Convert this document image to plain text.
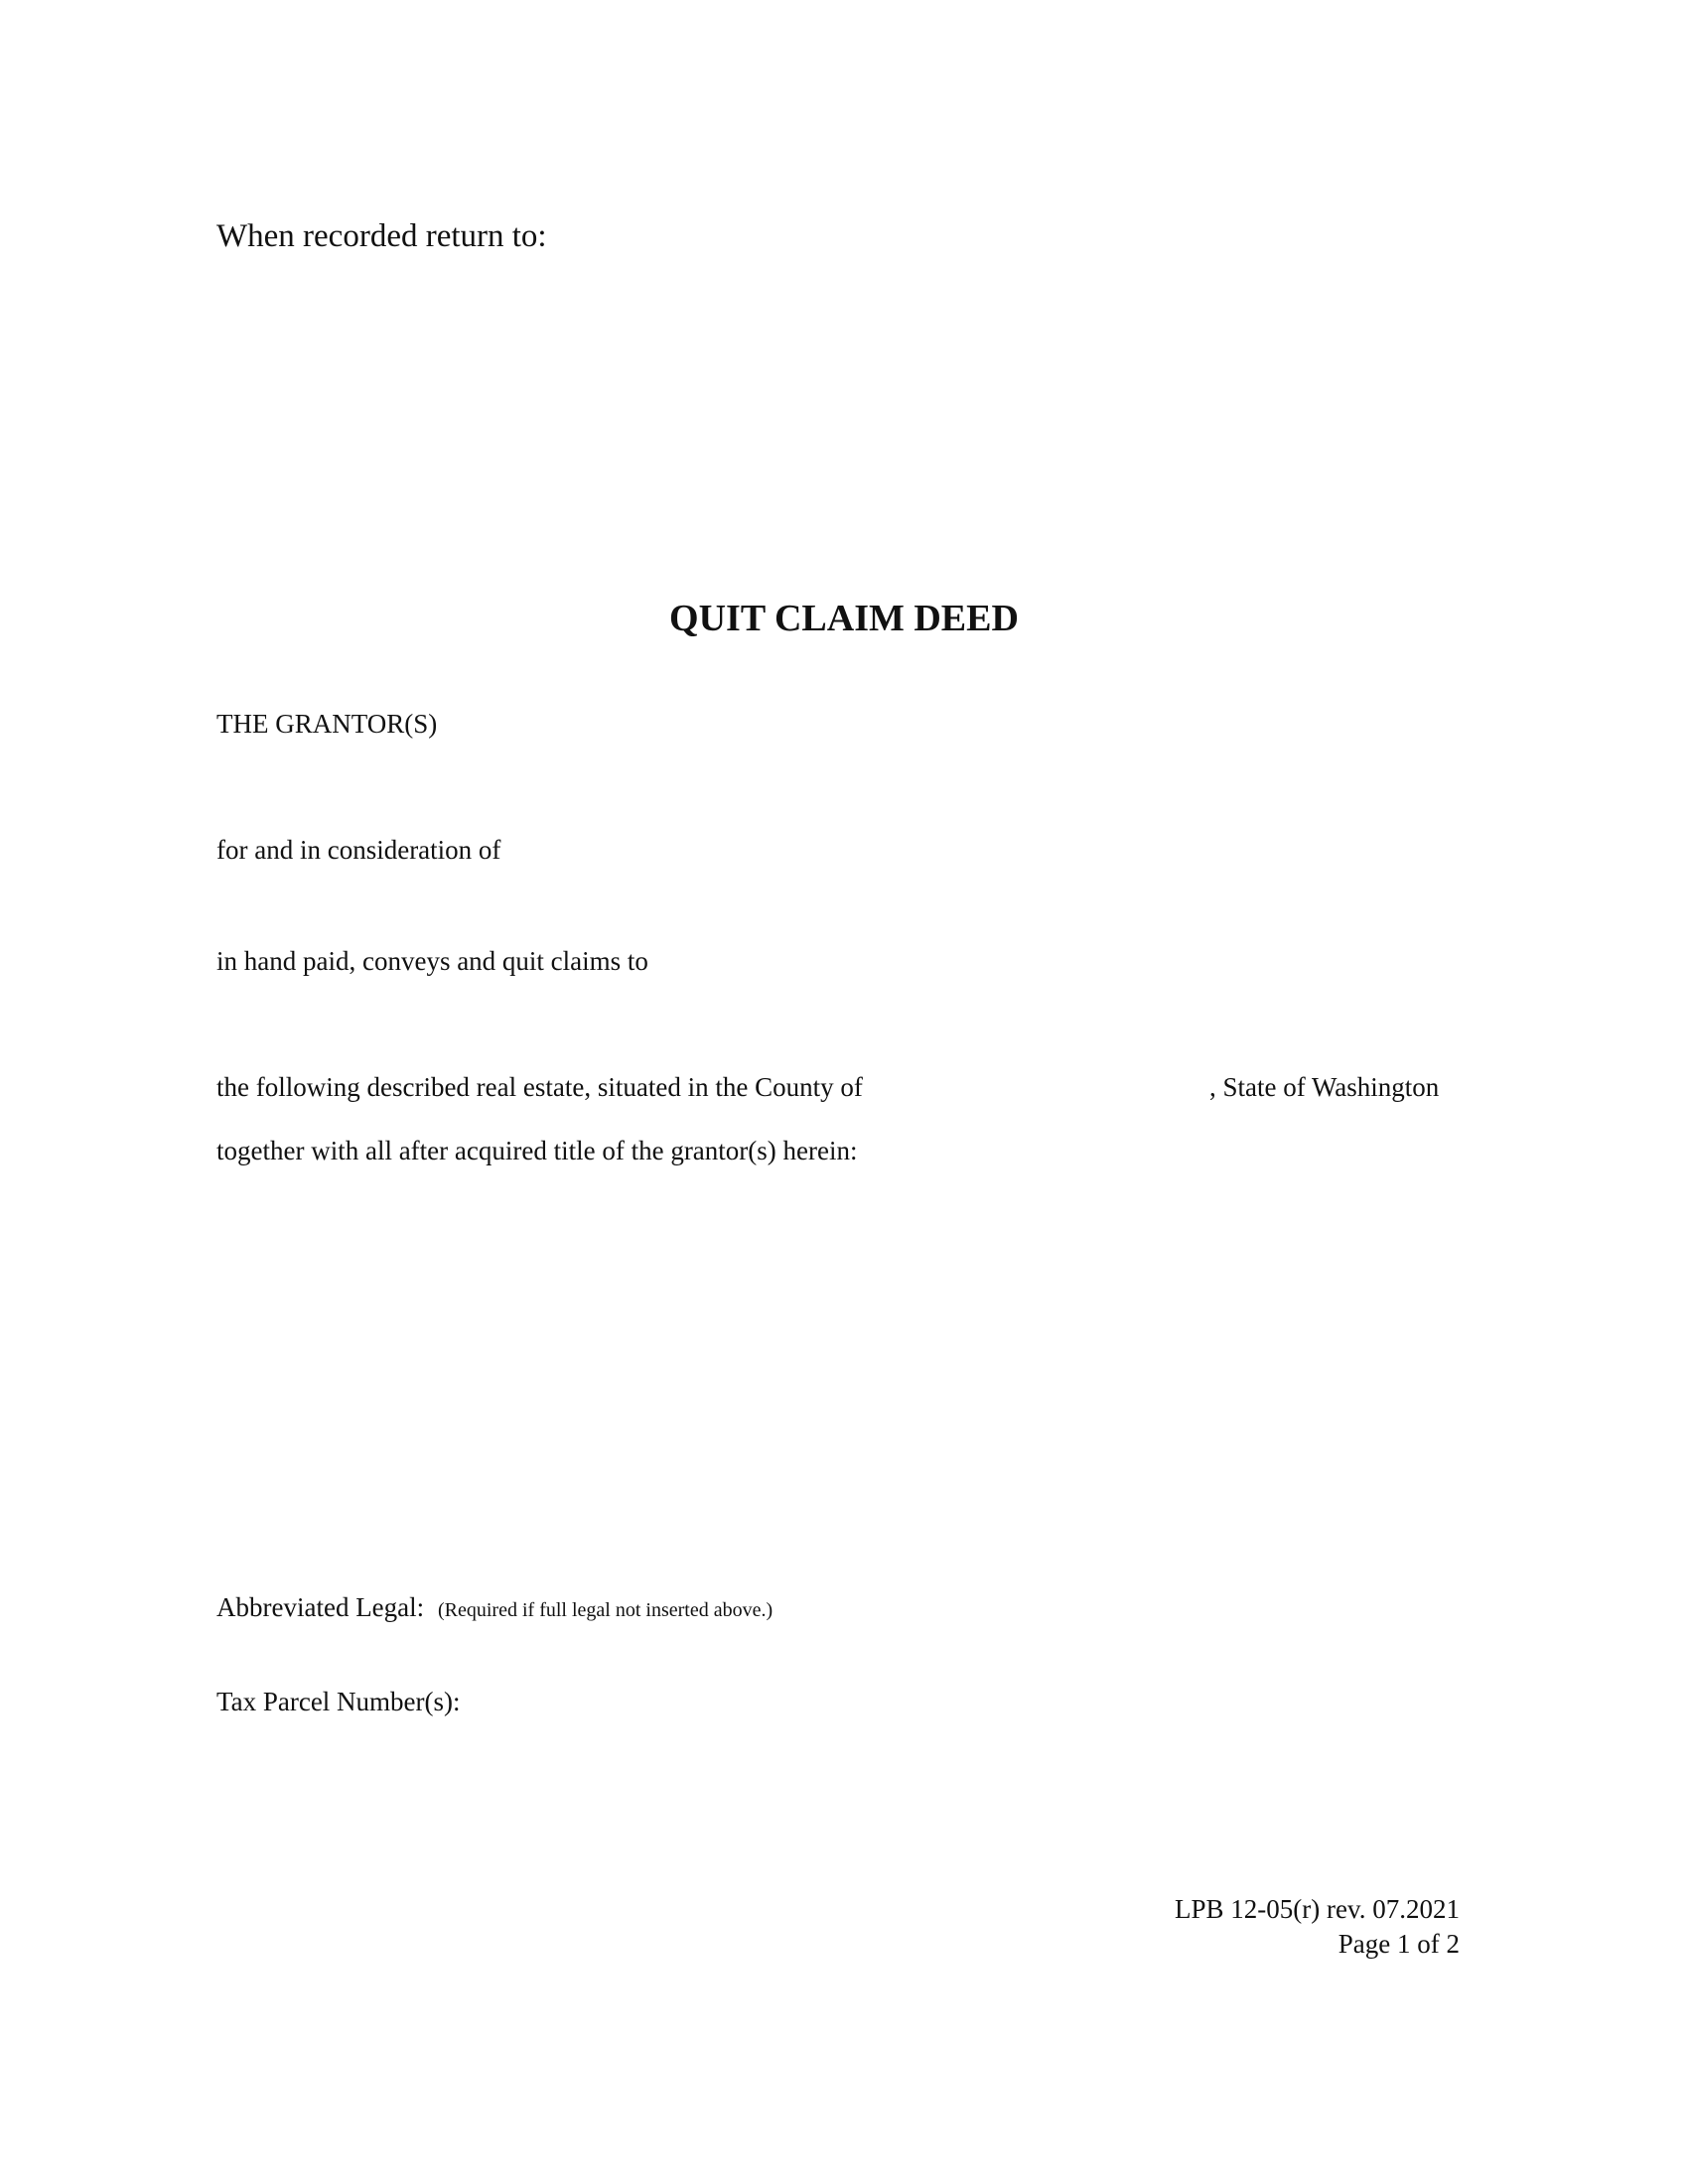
When recorded return to:
QUIT CLAIM DEED
THE GRANTOR(S)
for and in consideration of
in hand paid, conveys and quit claims to
the following described real estate, situated in the County of	, State of Washington
together with all after acquired title of the grantor(s) herein:
Abbreviated Legal: (Required if full legal not inserted above.)
Tax Parcel Number(s):
LPB 12-05(r) rev. 07.2021
Page 1 of 2
